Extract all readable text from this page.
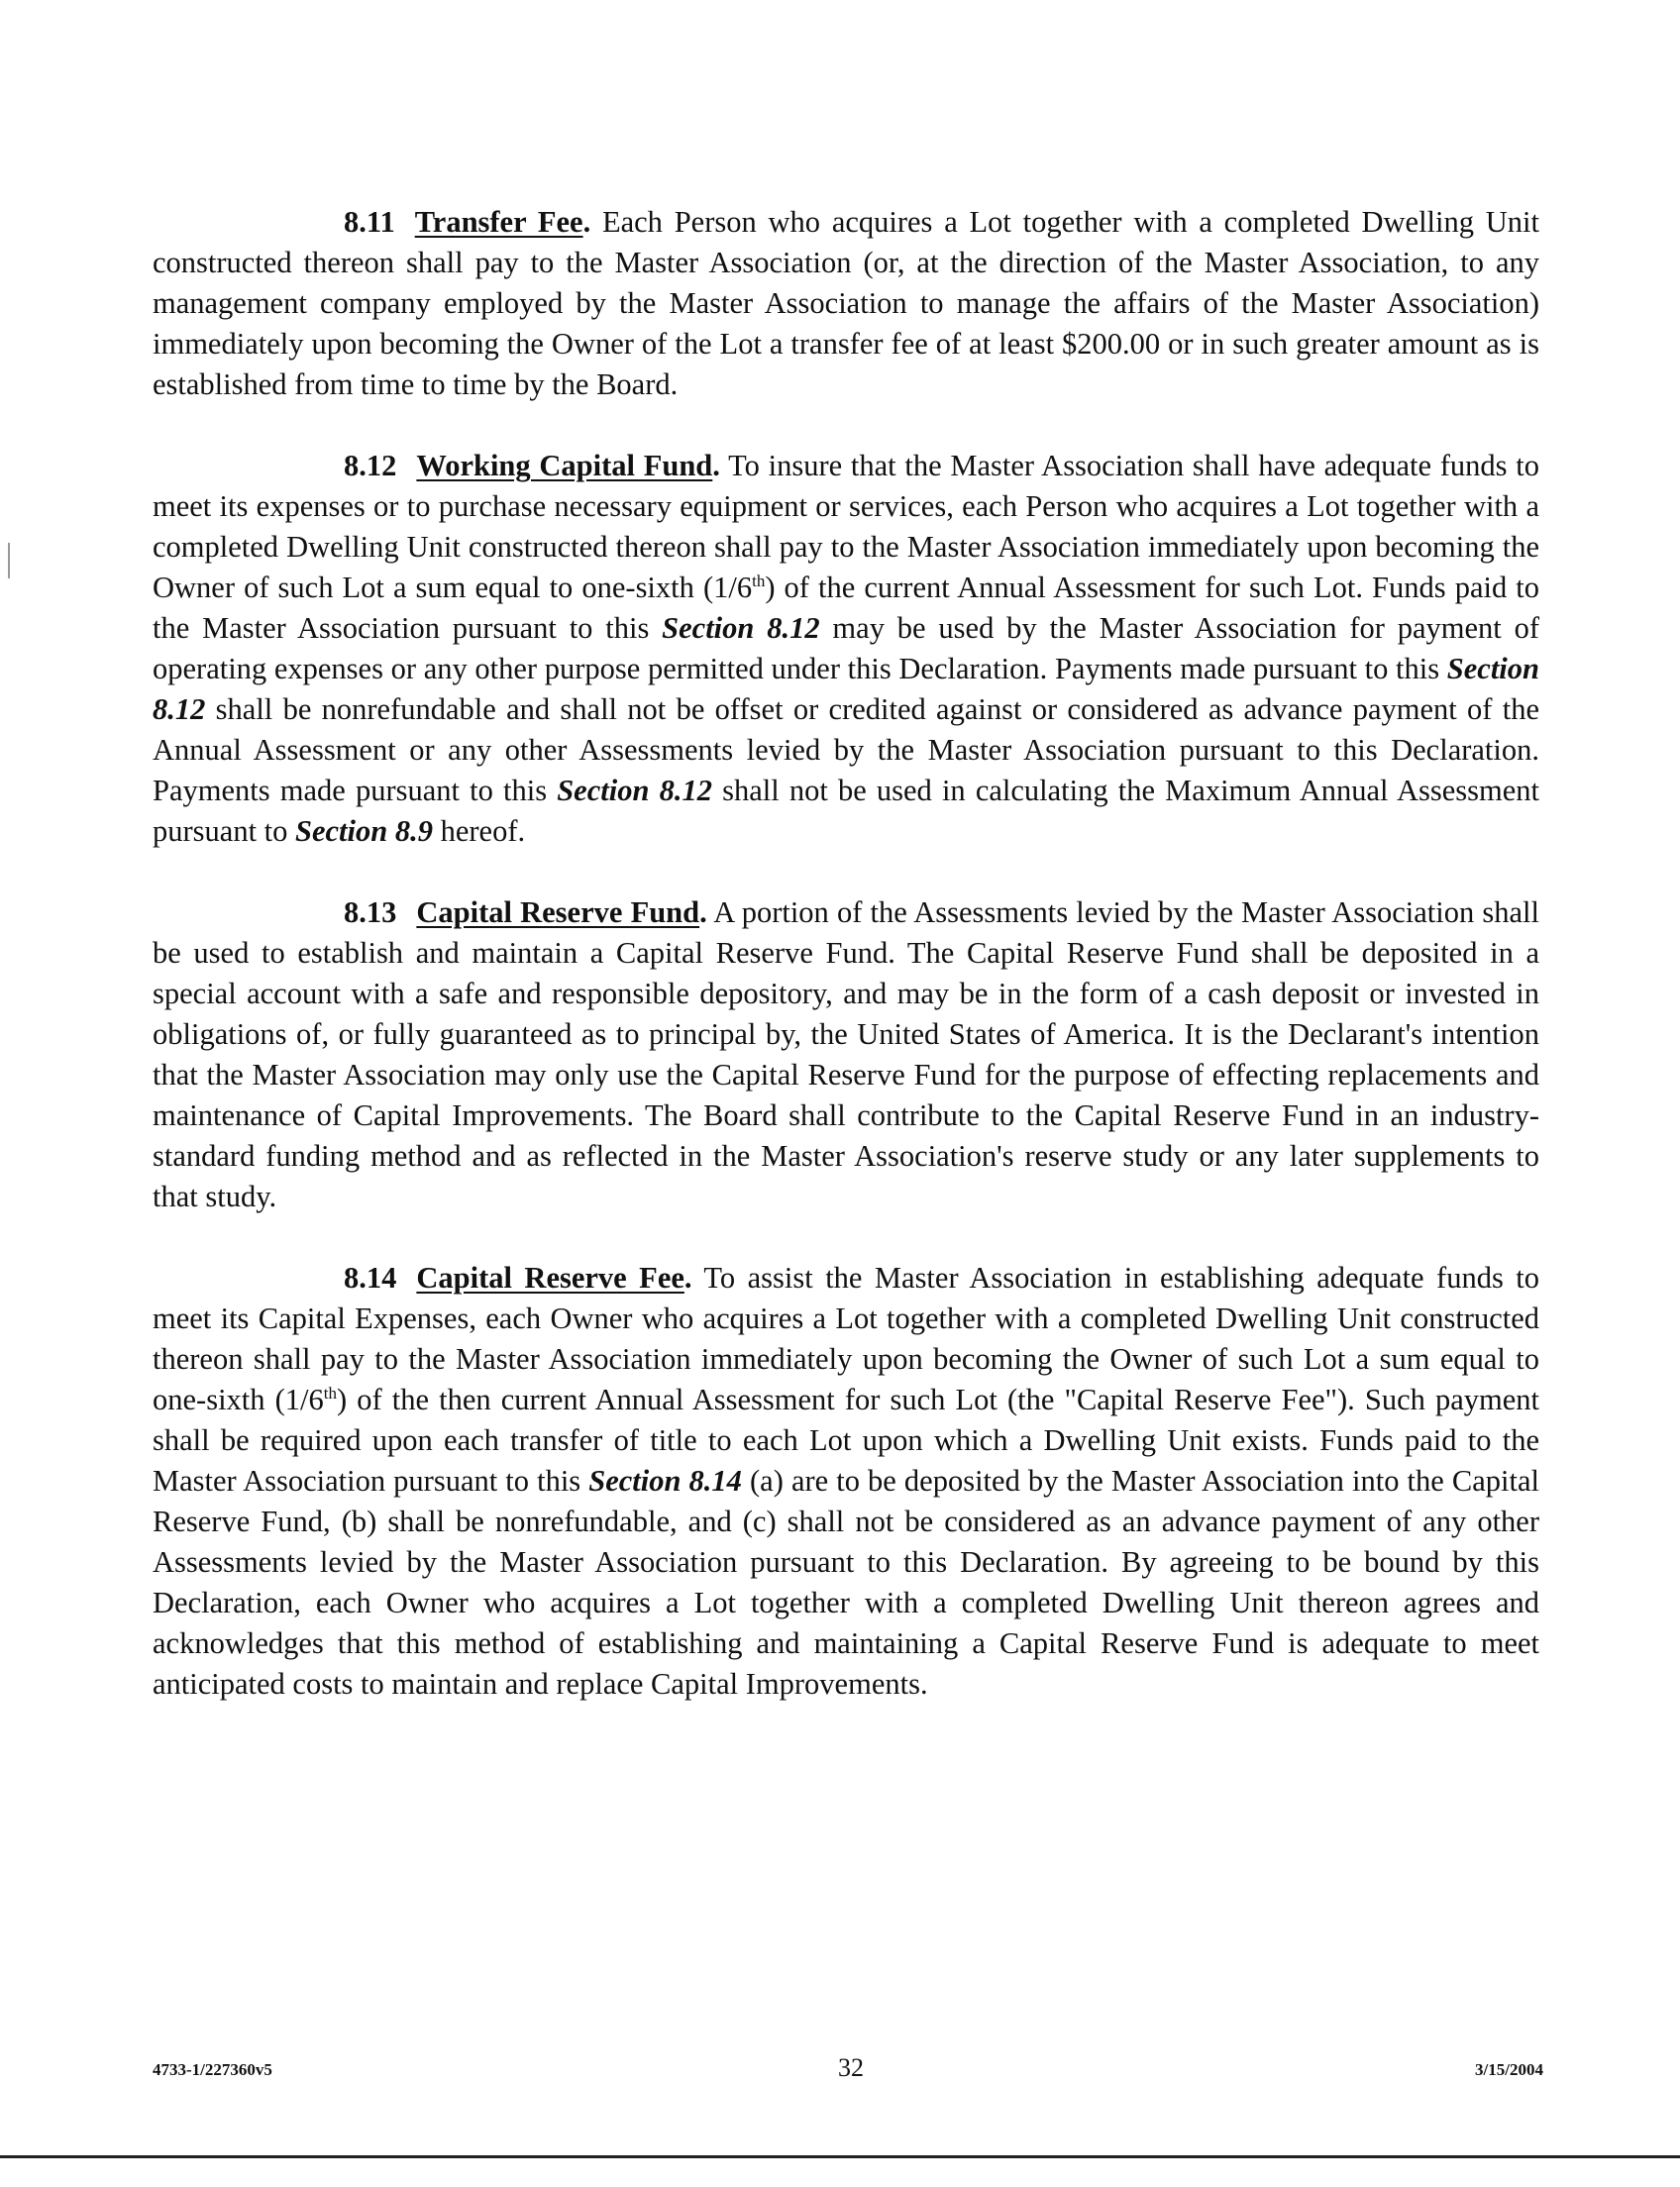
8.11 Transfer Fee. Each Person who acquires a Lot together with a completed Dwelling Unit constructed thereon shall pay to the Master Association (or, at the direction of the Master Association, to any management company employed by the Master Association to manage the affairs of the Master Association) immediately upon becoming the Owner of the Lot a transfer fee of at least $200.00 or in such greater amount as is established from time to time by the Board.

8.12 Working Capital Fund. To insure that the Master Association shall have adequate funds to meet its expenses or to purchase necessary equipment or services, each Person who acquires a Lot together with a completed Dwelling Unit constructed thereon shall pay to the Master Association immediately upon becoming the Owner of such Lot a sum equal to one-sixth (1/6th) of the current Annual Assessment for such Lot. Funds paid to the Master Association pursuant to this Section 8.12 may be used by the Master Association for payment of operating expenses or any other purpose permitted under this Declaration. Payments made pursuant to this Section 8.12 shall be nonrefundable and shall not be offset or credited against or considered as advance payment of the Annual Assessment or any other Assessments levied by the Master Association pursuant to this Declaration. Payments made pursuant to this Section 8.12 shall not be used in calculating the Maximum Annual Assessment pursuant to Section 8.9 hereof.

8.13 Capital Reserve Fund. A portion of the Assessments levied by the Master Association shall be used to establish and maintain a Capital Reserve Fund. The Capital Reserve Fund shall be deposited in a special account with a safe and responsible depository, and may be in the form of a cash deposit or invested in obligations of, or fully guaranteed as to principal by, the United States of America. It is the Declarant's intention that the Master Association may only use the Capital Reserve Fund for the purpose of effecting replacements and maintenance of Capital Improvements. The Board shall contribute to the Capital Reserve Fund in an industry-standard funding method and as reflected in the Master Association's reserve study or any later supplements to that study.

8.14 Capital Reserve Fee. To assist the Master Association in establishing adequate funds to meet its Capital Expenses, each Owner who acquires a Lot together with a completed Dwelling Unit constructed thereon shall pay to the Master Association immediately upon becoming the Owner of such Lot a sum equal to one-sixth (1/6th) of the then current Annual Assessment for such Lot (the "Capital Reserve Fee"). Such payment shall be required upon each transfer of title to each Lot upon which a Dwelling Unit exists. Funds paid to the Master Association pursuant to this Section 8.14 (a) are to be deposited by the Master Association into the Capital Reserve Fund, (b) shall be nonrefundable, and (c) shall not be considered as an advance payment of any other Assessments levied by the Master Association pursuant to this Declaration. By agreeing to be bound by this Declaration, each Owner who acquires a Lot together with a completed Dwelling Unit thereon agrees and acknowledges that this method of establishing and maintaining a Capital Reserve Fund is adequate to meet anticipated costs to maintain and replace Capital Improvements.

4733-1/227360v5	32	3/15/2004
